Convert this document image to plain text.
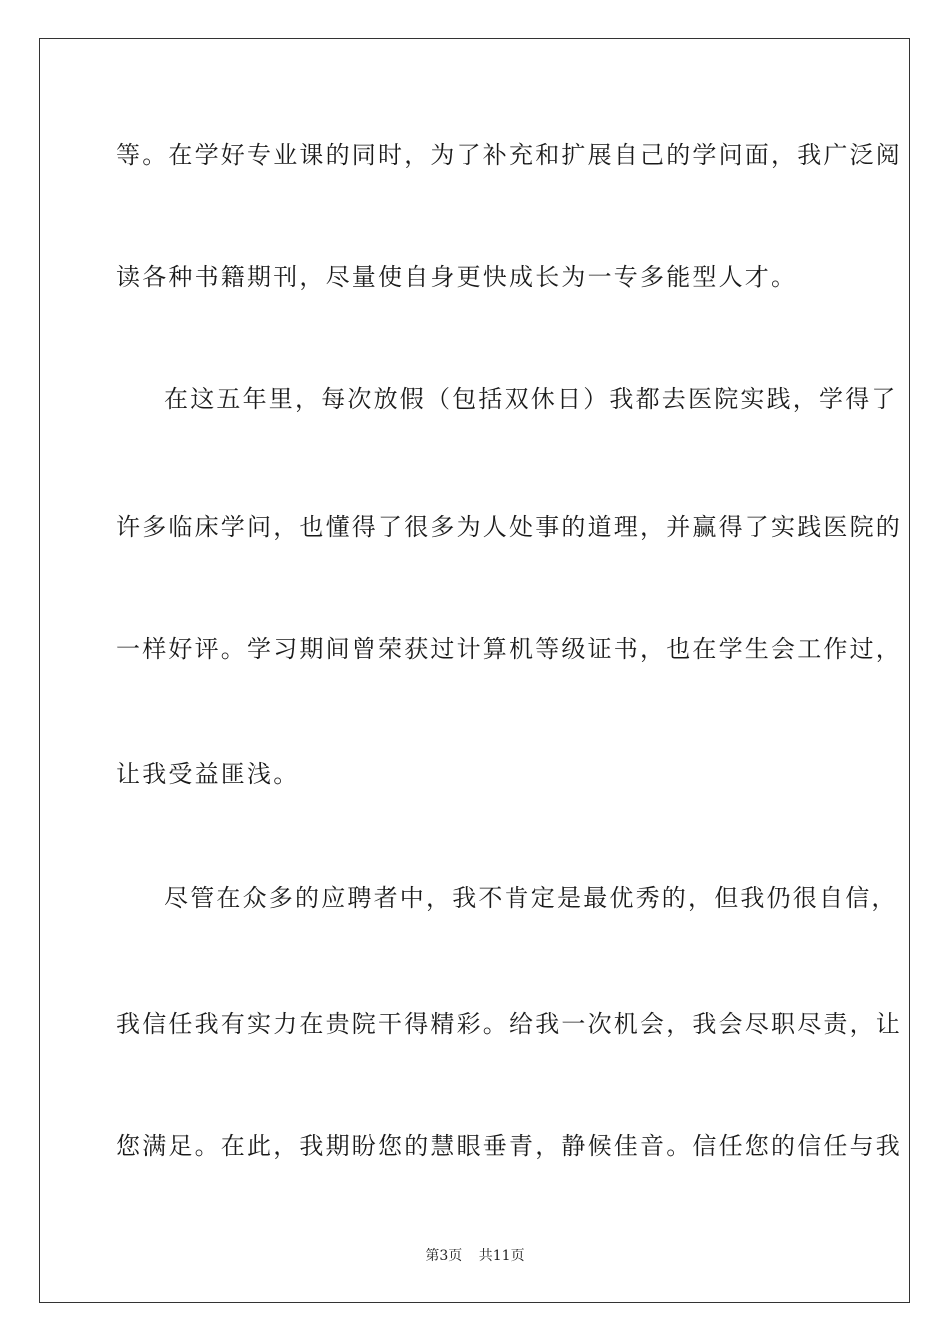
等。在学好专业课的同时，为了补充和扩展自己的学问面，我广泛阅
读各种书籍期刊，尽量使自身更快成长为一专多能型人才。
在这五年里，每次放假（包括双休日）我都去医院实践，学得了
许多临床学问，也懂得了很多为人处事的道理，并赢得了实践医院的
一样好评。学习期间曾荣获过计算机等级证书，也在学生会工作过，
让我受益匪浅。
尽管在众多的应聘者中，我不肯定是最优秀的，但我仍很自信，
我信任我有实力在贵院干得精彩。给我一次机会，我会尽职尽责，让
您满足。在此，我期盼您的慧眼垂青，静候佳音。信任您的信任与我
第3页 共11页
